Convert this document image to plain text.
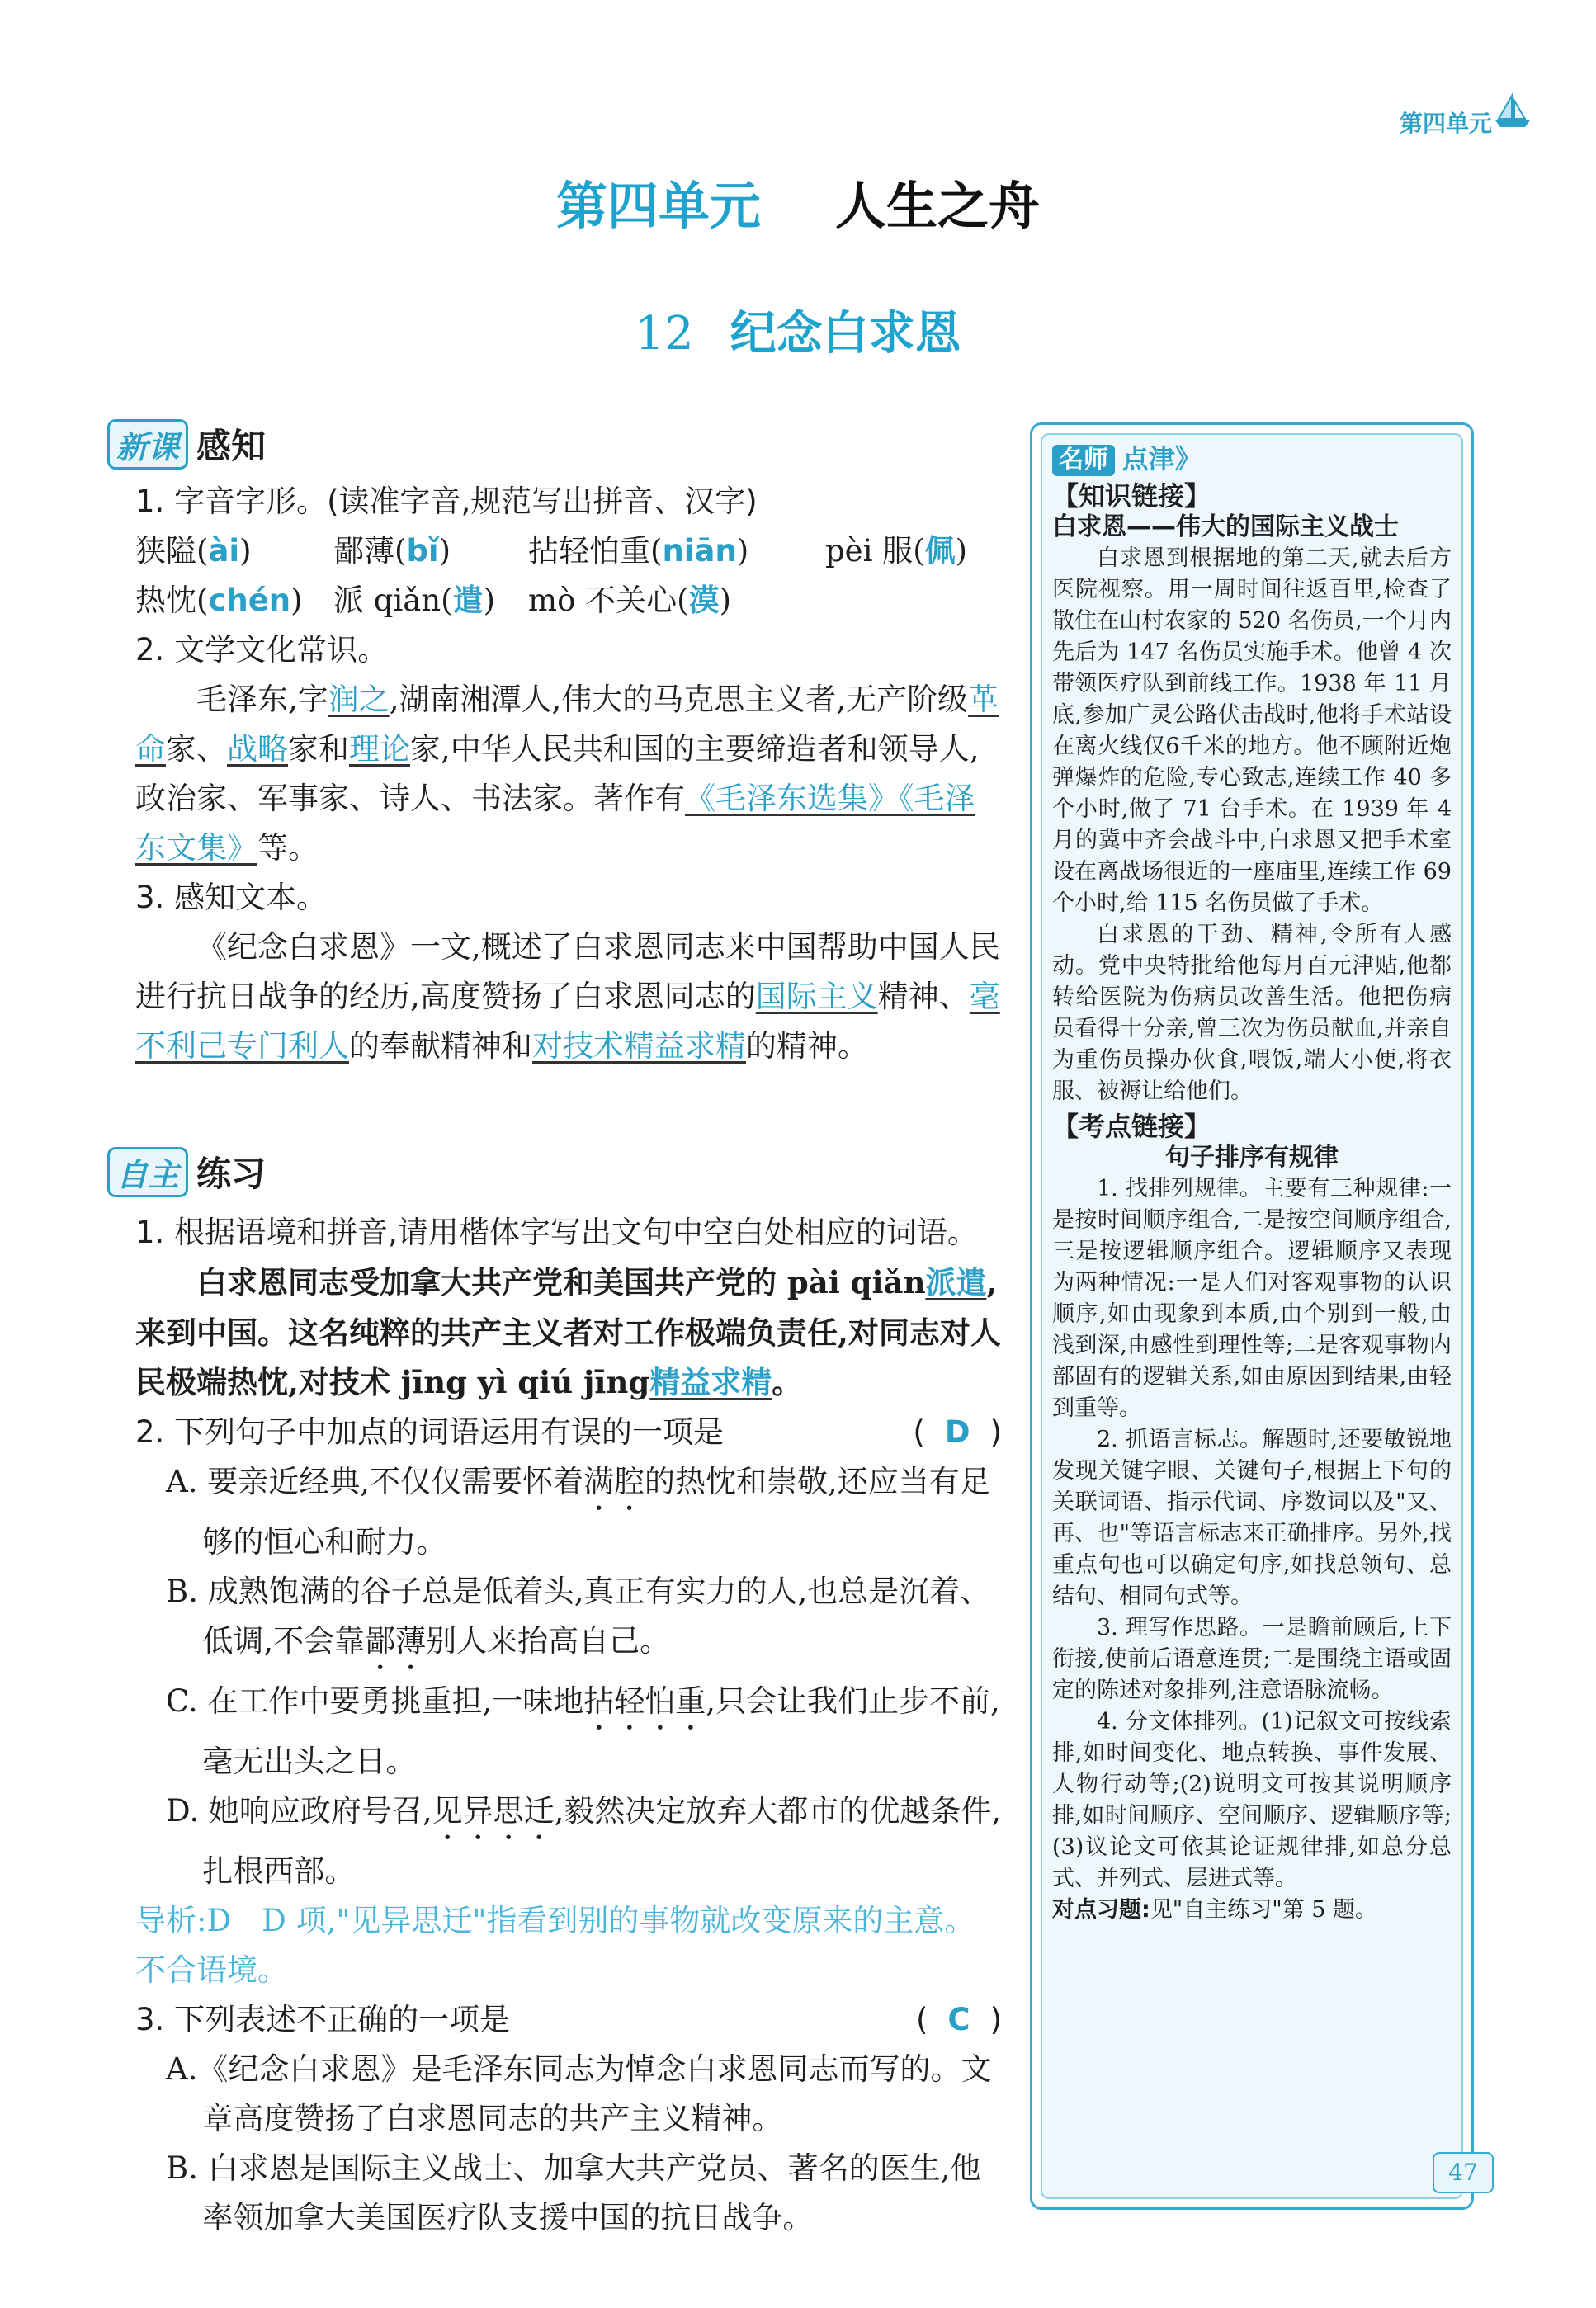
第四单元
第四单元 人生之舟
12 纪念白求恩
新课 感知
1. 字音字形。(读准字音,规范写出拼音、汉字)
狭隘(ài)	鄙薄(bǐ)	拈轻怕重(niān)	pèi 服(佩)
热忱(chén)	派 qiǎn(遣)	mò 不关心(漠)
2. 文学文化常识。
毛泽东,字润之,湖南湘潭人,伟大的马克思主义者,无产阶级革命家、战略家和理论家,中华人民共和国的主要缔造者和领导人,政治家、军事家、诗人、书法家。著作有《毛泽东选集》《毛泽东文集》等。
3. 感知文本。
《纪念白求恩》一文,概述了白求恩同志来中国帮助中国人民进行抗日战争的经历,高度赞扬了白求恩同志的国际主义精神、毫不利己专门利人的奉献精神和对技术精益求精的精神。
自主 练习
1. 根据语境和拼音,请用楷体字写出文句中空白处相应的词语。
白求恩同志受加拿大共产党和美国共产党的 pài qiǎn派遣,来到中国。这名纯粹的共产主义者对工作极端负责任,对同志对人民极端热忱,对技术 jīng yì qiú jīng精益求精。
2. 下列句子中加点的词语运用有误的一项是	( D )
A. 要亲近经典,不仅仅需要怀着满腔的热忱和崇敬,还应当有足够的恒心和耐力。
B. 成熟饱满的谷子总是低着头,真正有实力的人,也总是沉着、低调,不会靠鄙薄别人来抬高自己。
C. 在工作中要勇挑重担,一味地拈轻怕重,只会让我们止步不前,毫无出头之日。
D. 她响应政府号召,见异思迁,毅然决定放弃大都市的优越条件,扎根西部。
导析:D　D 项,"见异思迁"指看到别的事物就改变原来的主意。不合语境。
3. 下列表述不正确的一项是	( C )
A.《纪念白求恩》是毛泽东同志为悼念白求恩同志而写的。文章高度赞扬了白求恩同志的共产主义精神。
B. 白求恩是国际主义战士、加拿大共产党员、著名的医生,他率领加拿大美国医疗队支援中国的抗日战争。
名师 点津》
【知识链接】
白求恩——伟大的国际主义战士
白求恩到根据地的第二天,就去后方医院视察。用一周时间往返百里,检查了散住在山村农家的 520 名伤员,一个月内先后为 147 名伤员实施手术。他曾 4 次带领医疗队到前线工作。1938 年 11 月底,参加广灵公路伏击战时,他将手术站设在离火线仅6千米的地方。他不顾附近炮弹爆炸的危险,专心致志,连续工作 40 多个小时,做了 71 台手术。在 1939 年 4 月的冀中齐会战斗中,白求恩又把手术室设在离战场很近的一座庙里,连续工作 69 个小时,给 115 名伤员做了手术。
白求恩的干劲、精神,令所有人感动。党中央特批给他每月百元津贴,他都转给医院为伤病员改善生活。他把伤病员看得十分亲,曾三次为伤员献血,并亲自为重伤员操办伙食,喂饭,端大小便,将衣服、被褥让给他们。
【考点链接】
句子排序有规律
1. 找排列规律。主要有三种规律:一是按时间顺序组合,二是按空间顺序组合,三是按逻辑顺序组合。逻辑顺序又表现为两种情况:一是人们对客观事物的认识顺序,如由现象到本质,由个别到一般,由浅到深,由感性到理性等;二是客观事物内部固有的逻辑关系,如由原因到结果,由轻到重等。
2. 抓语言标志。解题时,还要敏锐地发现关键字眼、关键句子,根据上下句的关联词语、指示代词、序数词以及"又、再、也"等语言标志来正确排序。另外,找重点句也可以确定句序,如找总领句、总结句、相同句式等。
3. 理写作思路。一是瞻前顾后,上下衔接,使前后语意连贯;二是围绕主语或固定的陈述对象排列,注意语脉流畅。
4. 分文体排列。(1)记叙文可按线索排,如时间变化、地点转换、事件发展、人物行动等;(2)说明文可按其说明顺序排,如时间顺序、空间顺序、逻辑顺序等;(3)议论文可依其论证规律排,如总分总式、并列式、层进式等。
对点习题:见"自主练习"第 5 题。
47
